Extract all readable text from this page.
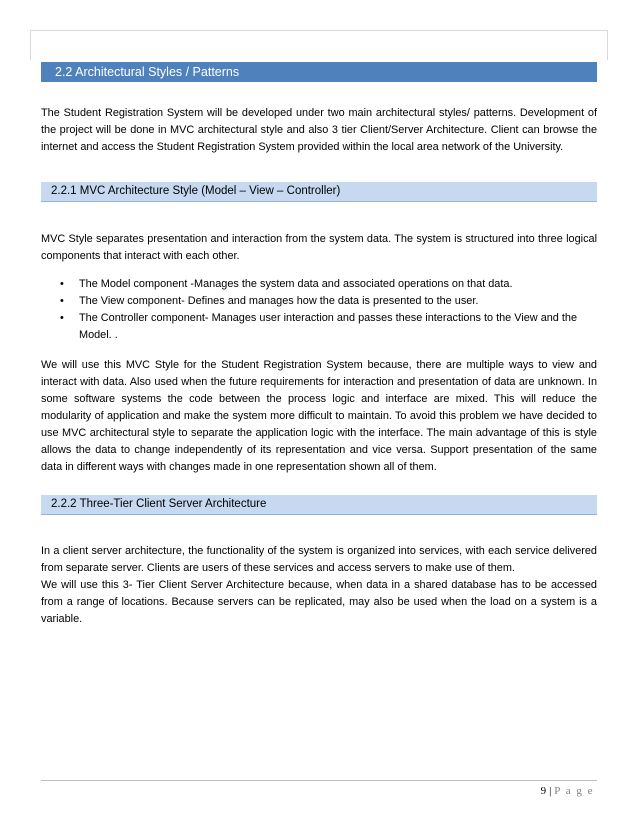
2.2 Architectural Styles / Patterns

The Student Registration System will be developed under two main architectural styles/ patterns. Development of the project will be done in MVC architectural style and also 3 tier Client/Server Architecture. Client can browse the internet and access the Student Registration System provided within the local area network of the University.

2.2.1 MVC Architecture Style (Model – View – Controller)

MVC Style separates presentation and interaction from the system data. The system is structured into three logical components that interact with each other.

• The Model component -Manages the system data and associated operations on that data.
• The View component- Defines and manages how the data is presented to the user.
• The Controller component- Manages user interaction and passes these interactions to the View and the Model. .

We will use this MVC Style for the Student Registration System because, there are multiple ways to view and interact with data. Also used when the future requirements for interaction and presentation of data are unknown. In some software systems the code between the process logic and interface are mixed. This will reduce the modularity of application and make the system more difficult to maintain. To avoid this problem we have decided to use MVC architectural style to separate the application logic with the interface. The main advantage of this is style allows the data to change independently of its representation and vice versa. Support presentation of the same data in different ways with changes made in one representation shown all of them.

2.2.2 Three-Tier Client Server Architecture

In a client server architecture, the functionality of the system is organized into services, with each service delivered from separate server. Clients are users of these services and access servers to make use of them.

We will use this 3- Tier Client Server Architecture because, when data in a shared database has to be accessed from a range of locations. Because servers can be replicated, may also be used when the load on a system is a variable.

9 | P a g e
